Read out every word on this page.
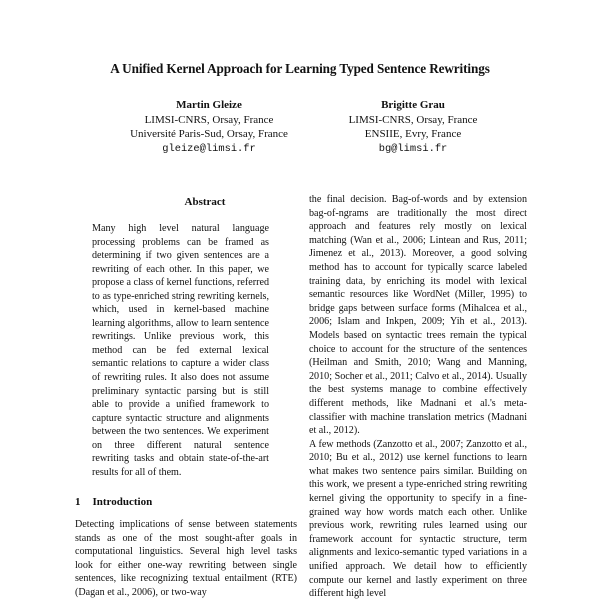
A Unified Kernel Approach for Learning Typed Sentence Rewritings
Martin Gleize
LIMSI-CNRS, Orsay, France
Université Paris-Sud, Orsay, France
gleize@limsi.fr
Brigitte Grau
LIMSI-CNRS, Orsay, France
ENSIIE, Evry, France
bg@limsi.fr
Abstract

Many high level natural language processing problems can be framed as determining if two given sentences are a rewriting of each other. In this paper, we propose a class of kernel functions, referred to as type-enriched string rewriting kernels, which, used in kernel-based machine learning algorithms, allow to learn sentence rewritings. Unlike previous work, this method can be fed external lexical semantic relations to capture a wider class of rewriting rules. It also does not assume preliminary syntactic parsing but is still able to provide a unified framework to capture syntactic structure and alignments between the two sentences. We experiment on three different natural sentence rewriting tasks and obtain state-of-the-art results for all of them.

1 Introduction

Detecting implications of sense between statements stands as one of the most sought-after goals in computational linguistics. Several high level tasks look for either one-way rewriting between single sentences, like recognizing textual entailment (RTE) (Dagan et al., 2006), or two-way

the final decision. Bag-of-words and by extension bag-of-ngrams are traditionally the most direct approach and features rely mostly on lexical matching (Wan et al., 2006; Lintean and Rus, 2011; Jimenez et al., 2013). Moreover, a good solving method has to account for typically scarce labeled training data, by enriching its model with lexical semantic resources like WordNet (Miller, 1995) to bridge gaps between surface forms (Mihalcea et al., 2006; Islam and Inkpen, 2009; Yih et al., 2013). Models based on syntactic trees remain the typical choice to account for the structure of the sentences (Heilman and Smith, 2010; Wang and Manning, 2010; Socher et al., 2011; Calvo et al., 2014). Usually the best systems manage to combine effectively different methods, like Madnani et al.'s meta-classifier with machine translation metrics (Madnani et al., 2012).

A few methods (Zanzotto et al., 2007; Zanzotto et al., 2010; Bu et al., 2012) use kernel functions to learn what makes two sentence pairs similar. Building on this work, we present a type-enriched string rewriting kernel giving the opportunity to specify in a fine-grained way how words match each other. Unlike previous work, rewriting rules learned using our framework account for syntactic structure, term alignments and lexico-semantic typed variations in a unified approach. We detail how to efficiently compute our kernel and lastly experiment on three different high level
